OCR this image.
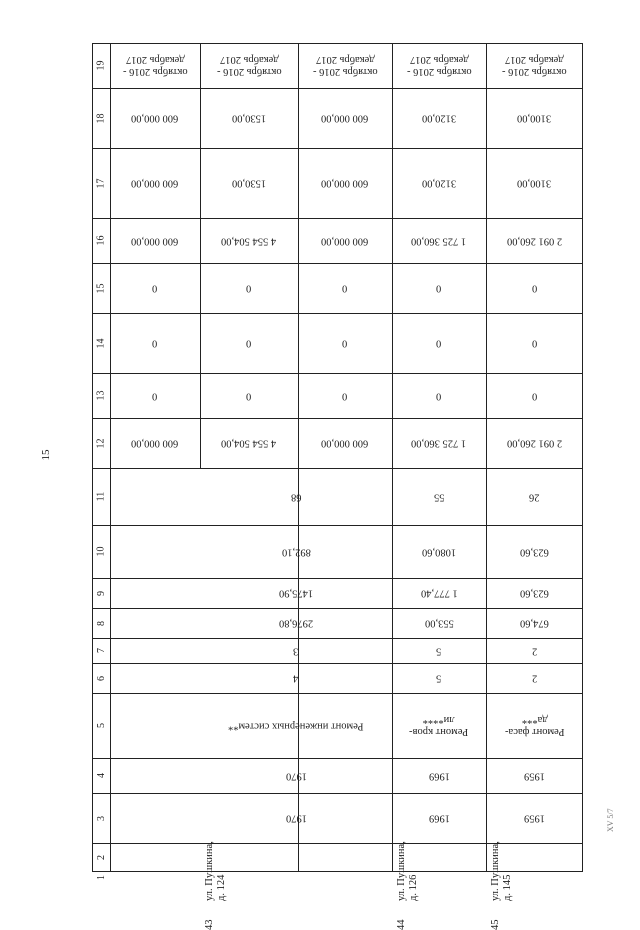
15
XV 5/7
1
2
3
4
5
6
7
8
9
10
11
12
13
14
15
16
17
18
19
600 000,00
0
0
0
600 000,00
600 000,00
600 000,00
октябрь 2016 -
декабрь 2017
4 554 504,00
0
0
0
4 554 504,00
1530,00
1530,00
октябрь 2016 -
декабрь 2017
600 000,00
0
0
0
600 000,00
600 000,00
600 000,00
октябрь 2016 -
декабрь 2017
1 725 360,00
0
0
0
1 725 360,00
3120,00
3120,00
октябрь 2016 -
декабрь 2017
2 091 260,00
0
0
0
2 091 260,00
3100,00
3100,00
октябрь 2016 -
декабрь 2017
ул. Пушкина,
д. 124
1970
1970
Ремонт инженерных систем**
4
3
2976,80
1475,90
892,10
68
ул. Пушкина,
д. 126
1969
1969
Ремонт кров-
ли****
5
5
553,00
1 777,40
1080,60
55
ул. Пушкина,
д. 145
1959
1959
Ремонт фаса-
да***
2
2
674,60
623,60
623,60
26
43	44	45
